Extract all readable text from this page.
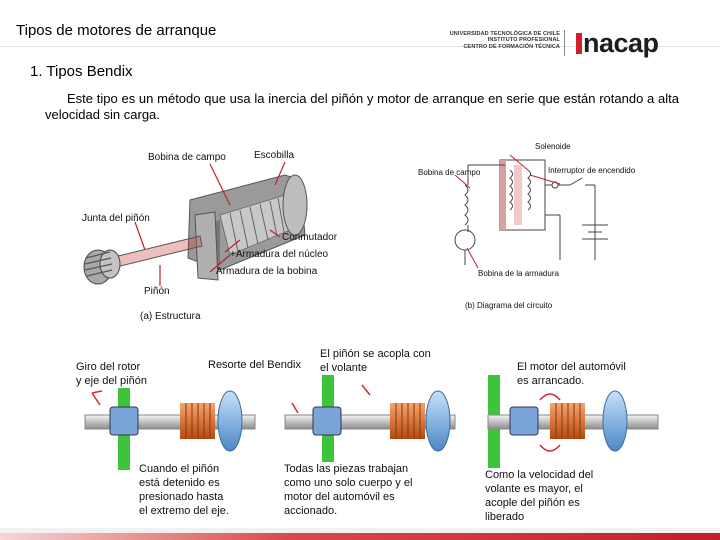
Tipos de motores de arranque	UNIVERSIDAD TECNOLÓGICA DE CHILE
INSTITUTO PROFESIONAL
CENTRO DE FORMACIÓN TÉCNICA nacap
1. Tipos Bendix
Este tipo es un método que usa la inercia del piñón y motor de arranque en serie que están rotando a alta velocidad sin carga.
Bobina de campo	Escobilla
Junta del piñón
Conmutador
+Armadura del núcleo
Armadura de la bobina
Piñón
(a) Estructura
Solenoide
Bobina de campo	Interruptor de encendido
Bobina de la armadura
(b) Diagrama del circuito
Giro del rotor
y eje del piñón
Resorte del Bendix
Cuando el piñón
está detenido es
presionado hasta
el extremo del eje.
El piñón se acopla con
el volante
Todas las piezas trabajan
como uno solo cuerpo y el
motor del automóvil es
accionado.
El motor del automóvil
es arrancado.
Como la velocidad del
volante es mayor, el
acople del piñón es
liberado
